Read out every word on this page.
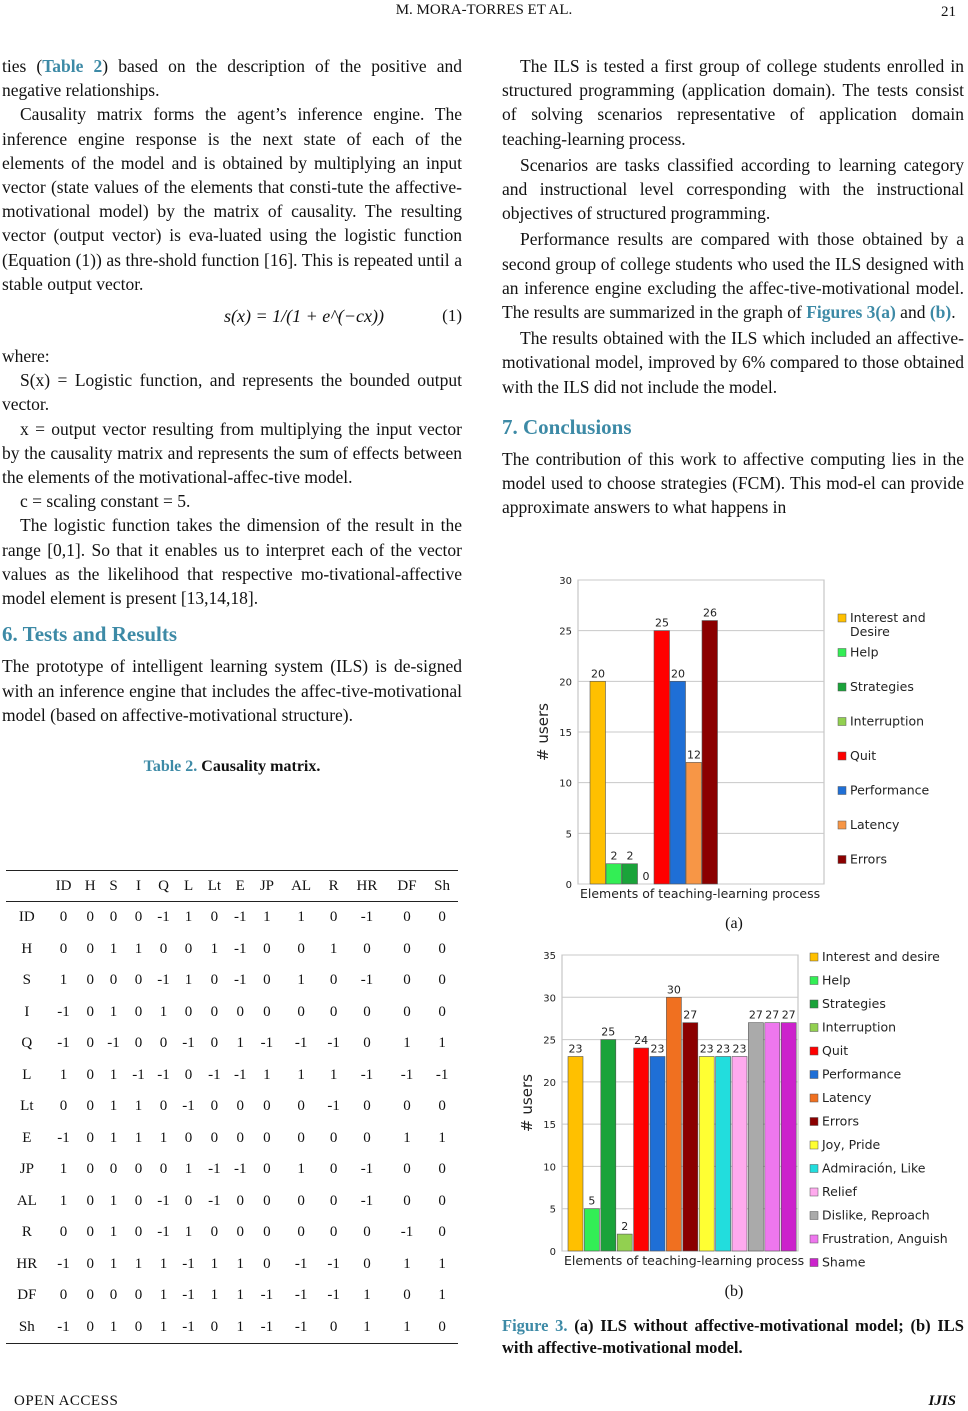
M. MORA-TORRES ET AL.	21

ties (Table 2) based on the description of the positive and negative relationships.

Causality matrix forms the agent’s inference engine. The inference engine response is the next state of each of the elements of the model and is obtained by multiplying an input vector (state values of the elements that consti-tute the affective-motivational model) by the matrix of causality. The resulting vector (output vector) is eva-luated using the logistic function (Equation (1)) as thre-shold function [16]. This is repeated until a stable output vector.

s(x) = 1/(1 + e^(−cx))	(1)

where:

S(x) = Logistic function, and represents the bounded output vector.

x = output vector resulting from multiplying the input vector by the causality matrix and represents the sum of effects between the elements of the motivational-affec-tive model.

c = scaling constant = 5.

The logistic function takes the dimension of the result in the range [0,1]. So that it enables us to interpret each of the vector values as the likelihood that respective mo-tivational-affective model element is present [13,14,18].

6. Tests and Results

The prototype of intelligent learning system (ILS) is de-signed with an inference engine that includes the affec-tive-motivational model (based on affective-motivational structure).

Table 2. Causality matrix.

	ID	H	S	I	Q	L	Lt	E	JP	AL	R	HR	DF	Sh
ID	0	0	0	0	-1	1	0	-1	1	1	0	-1	0	0
H	0	0	1	1	0	0	1	-1	0	0	1	0	0	0
S	1	0	0	0	-1	1	0	-1	0	1	0	-1	0	0
I	-1	0	1	0	1	0	0	0	0	0	0	0	0	0
Q	-1	0	-1	0	0	-1	0	1	-1	-1	-1	0	1	1
L	1	0	1	-1	-1	0	-1	-1	1	1	1	-1	-1	-1
Lt	0	0	1	1	0	-1	0	0	0	0	-1	0	0	0
E	-1	0	1	1	1	0	0	0	0	0	0	0	1	1
JP	1	0	0	0	0	1	-1	-1	0	1	0	-1	0	0
AL	1	0	1	0	-1	0	-1	0	0	0	0	-1	0	0
R	0	0	1	0	-1	1	0	0	0	0	0	0	-1	0
HR	-1	0	1	1	1	-1	1	1	0	-1	-1	0	1	1
DF	0	0	0	0	1	-1	1	1	-1	-1	-1	1	0	1
Sh	-1	0	1	0	1	-1	0	1	-1	-1	0	1	1	0

The ILS is tested a first group of college students enrolled in structured programming (application domain). The tests consist of solving scenarios representative of application domain teaching-learning process.

Scenarios are tasks classified according to learning category and instructional level corresponding with the instructional objectives of structured programming.

Performance results are compared with those obtained by a second group of college students who used the ILS designed with an inference engine excluding the affec-tive-motivational model. The results are summarized in the graph of Figures 3(a) and (b).

The results obtained with the ILS which included an affective-motivational model, improved by 6% compared to those obtained with the ILS did not include the model.

7. Conclusions

The contribution of this work to affective computing lies in the model used to choose strategies (FCM). This mod-el can provide approximate answers to what happens in

0
5
10
15
20
25
30
# users
20
2 2
0
25
20
12
26
Elements of teaching-learning process
Interest and Desire
Help
Strategies
Interruption
Quit
Performance
Latency
Errors
(a)
0
5
10
15
20
25
30
35
# users
23
5
25
2
24
23
30
27
23 23 23
27 27 27
Elements of teaching-learning process
Interest and desire
Help
Strategies
Interruption
Quit
Performance
Latency
Errors
Joy, Pride
Admiración, Like
Relief
Dislike, Reproach
Frustration, Anguish
Shame
(b)
Figure 3. (a) ILS without affective-motivational model; (b) ILS with affective-motivational model.
OPEN ACCESS	IJIS
